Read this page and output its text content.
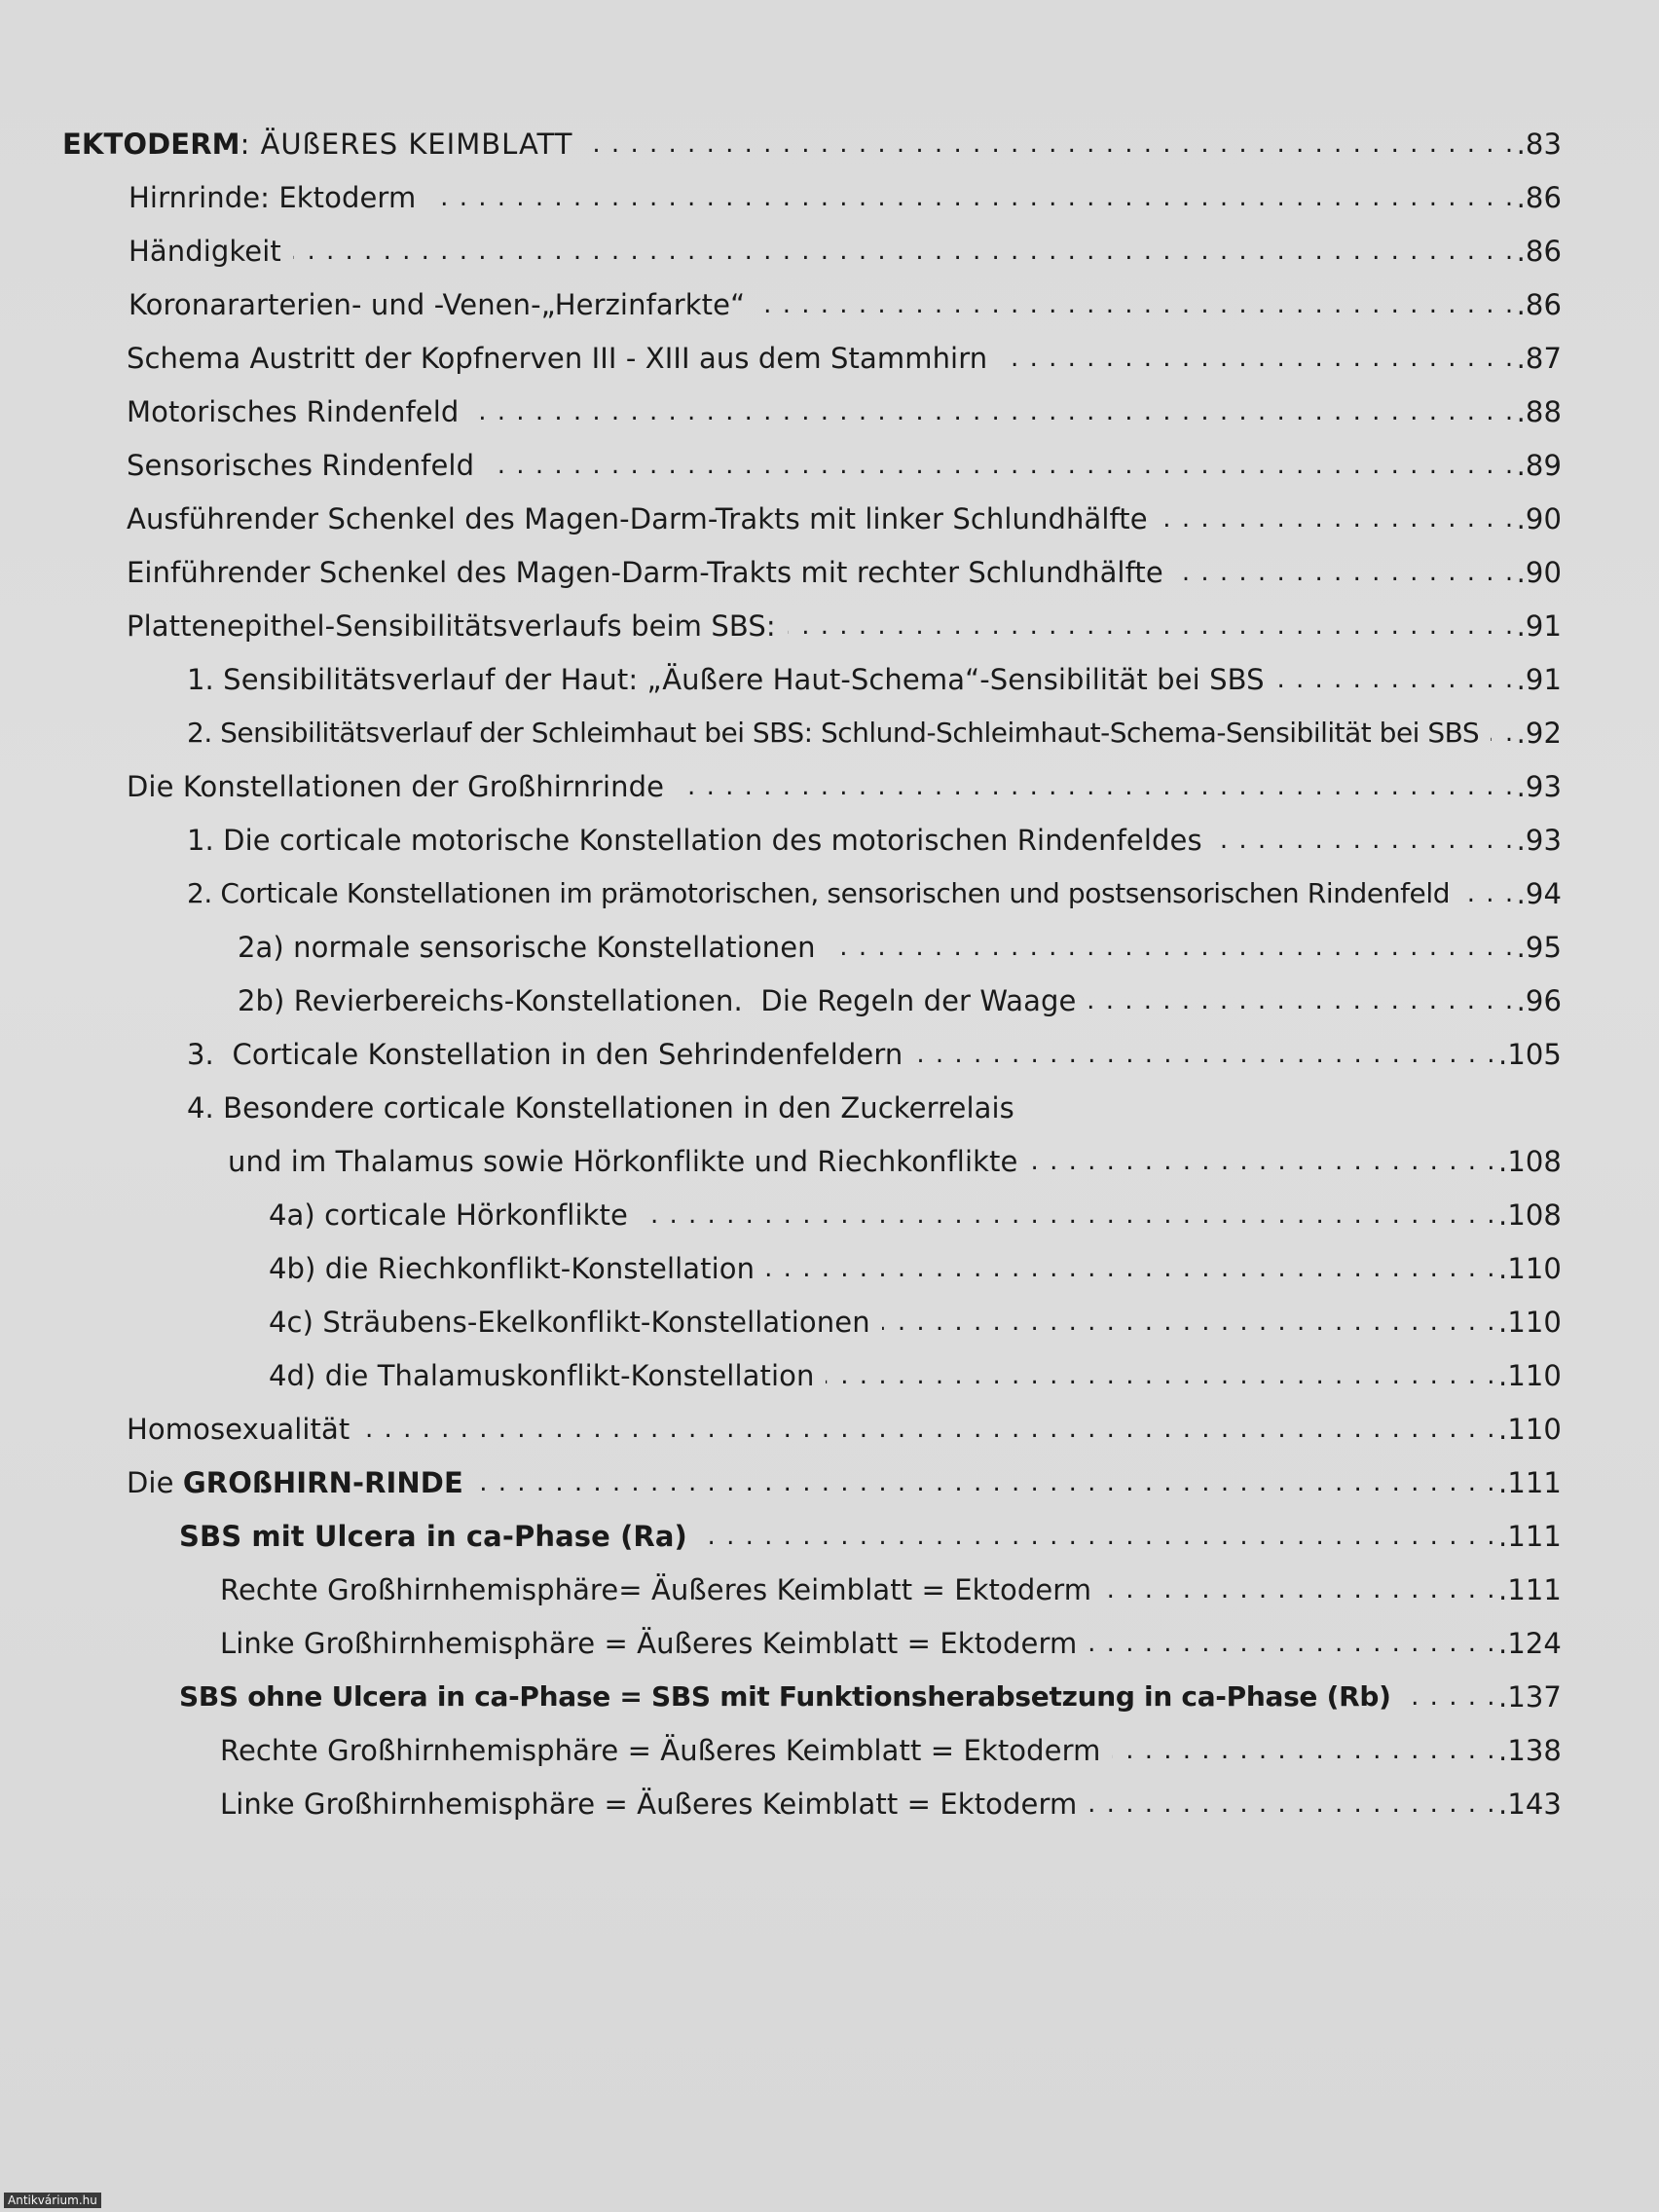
EKTODERM: ÄUßERES KEIMBLATT . . .	.83
Hirnrinde: Ektoderm . . .	.86
Händigkeit . . .	.86
Koronararterien- und -Venen-„Herzinfarkte“ . . .	.86
Schema Austritt der Kopfnerven III - XIII aus dem Stammhirn . . .	.87
Motorisches Rindenfeld . . .	.88
Sensorisches Rindenfeld . . .	.89
Ausführender Schenkel des Magen-Darm-Trakts mit linker Schlundhälfte . . .	.90
Einführender Schenkel des Magen-Darm-Trakts mit rechter Schlundhälfte . . .	.90
Plattenepithel-Sensibilitätsverlaufs beim SBS: . . .	.91
1. Sensibilitätsverlauf der Haut: „Äußere Haut-Schema“-Sensibilität bei SBS . . .	.91
2. Sensibilitätsverlauf der Schleimhaut bei SBS: Schlund-Schleimhaut-Schema-Sensibilität bei SBS . . .	.92
Die Konstellationen der Großhirnrinde . . .	.93
1. Die corticale motorische Konstellation des motorischen Rindenfeldes . . .	.93
2. Corticale Konstellationen im prämotorischen, sensorischen und postsensorischen Rindenfeld . . .	.94
2a) normale sensorische Konstellationen . . .	.95
2b) Revierbereichs-Konstellationen.  Die Regeln der Waage . . .	.96
3.  Corticale Konstellation in den Sehrindenfeldern . . .	.105
4. Besondere corticale Konstellationen in den Zuckerrelais
und im Thalamus sowie Hörkonflikte und Riechkonflikte . . .	.108
4a) corticale Hörkonflikte . . .	.108
4b) die Riechkonflikt-Konstellation . . .	.110
4c) Sträubens-Ekelkonflikt-Konstellationen . . .	.110
4d) die Thalamuskonflikt-Konstellation . . .	.110
Homosexualität . . .	.110
Die GROßHIRN-RINDE . . .	.111
SBS mit Ulcera in ca-Phase (Ra) . . .	.111
Rechte Großhirnhemisphäre= Äußeres Keimblatt = Ektoderm . . .	.111
Linke Großhirnhemisphäre = Äußeres Keimblatt = Ektoderm . . .	.124
SBS ohne Ulcera in ca-Phase = SBS mit Funktionsherabsetzung in ca-Phase (Rb) . . .	.137
Rechte Großhirnhemisphäre = Äußeres Keimblatt = Ektoderm . . .	.138
Linke Großhirnhemisphäre = Äußeres Keimblatt = Ektoderm . . .	.143
Antikvárium.hu
